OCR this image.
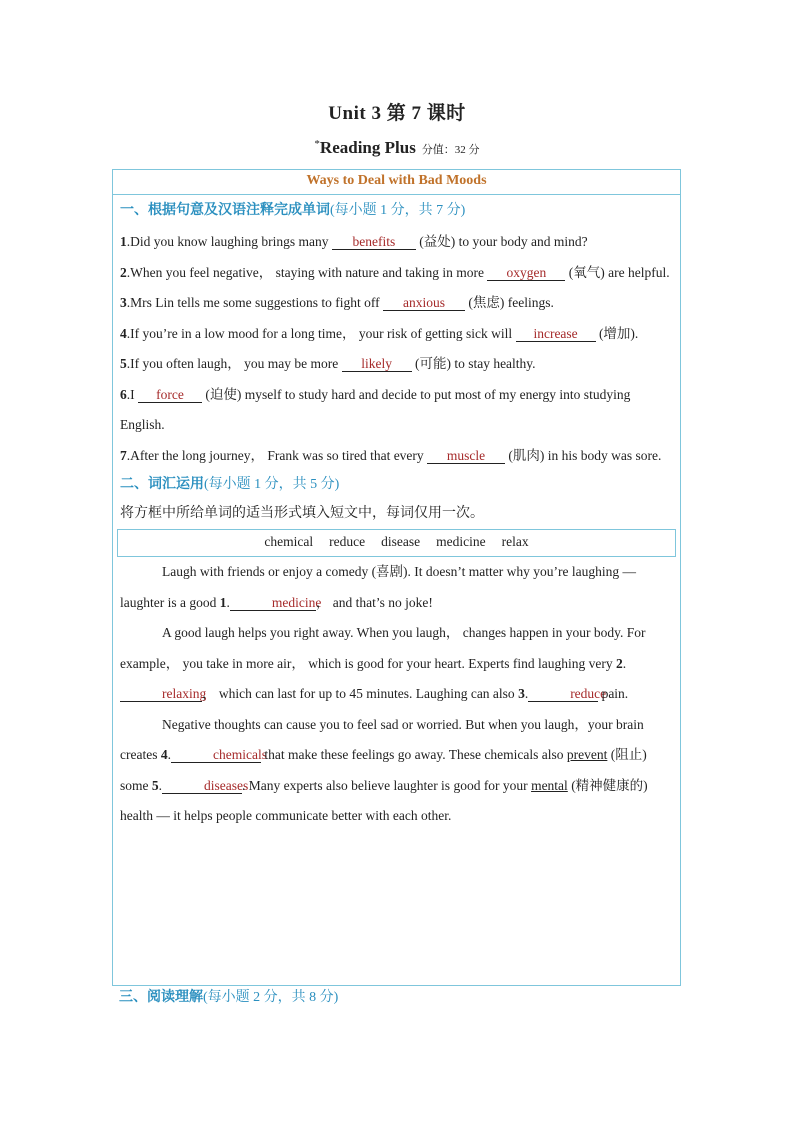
Unit 3 第 7 课时
*Reading Plus 分值：32 分
Ways to Deal with Bad Moods
一、根据句意及汉语注释完成单词(每小题 1 分，共 7 分)
1.Did you know laughing brings many benefits (益处) to your body and mind?
2.When you feel negative， staying with nature and taking in more oxygen (氧气) are helpful.
3.Mrs Lin tells me some suggestions to fight off anxious (焦虑) feelings.
4.If you’re in a low mood for a long time， your risk of getting sick will increase (增加).
5.If you often laugh， you may be more likely (可能) to stay healthy.
6.I force (迫使) myself to study hard and decide to put most of my energy into studying English.
7.After the long journey， Frank was so tired that every muscle (肌肉) in his body was sore.
二、词汇运用(每小题 1 分，共 5 分)
将方框中所给单词的适当形式填入短文中，每词仅用一次。
chemical reduce disease medicine relax
Laugh with friends or enjoy a comedy (喜剧). It doesn’t matter why you’re laughing — laughter is a good 1.	medicine， and that’s no joke!
A good laugh helps you right away. When you laugh， changes happen in your body. For example， you take in more air， which is good for your heart. Experts find laughing very 2.relaxing， which can last for up to 45 minutes. Laughing can also 3.	reduce pain.
Negative thoughts can cause you to feel sad or worried. But when you laugh，your brain creates 4.	chemicals that make these feelings go away. These chemicals also prevent (阻止) some 5.	diseases. Many experts also believe laughter is good for your mental (精神健康的) health — it helps people communicate better with each other.
三、阅读理解(每小题 2 分，共 8 分)
